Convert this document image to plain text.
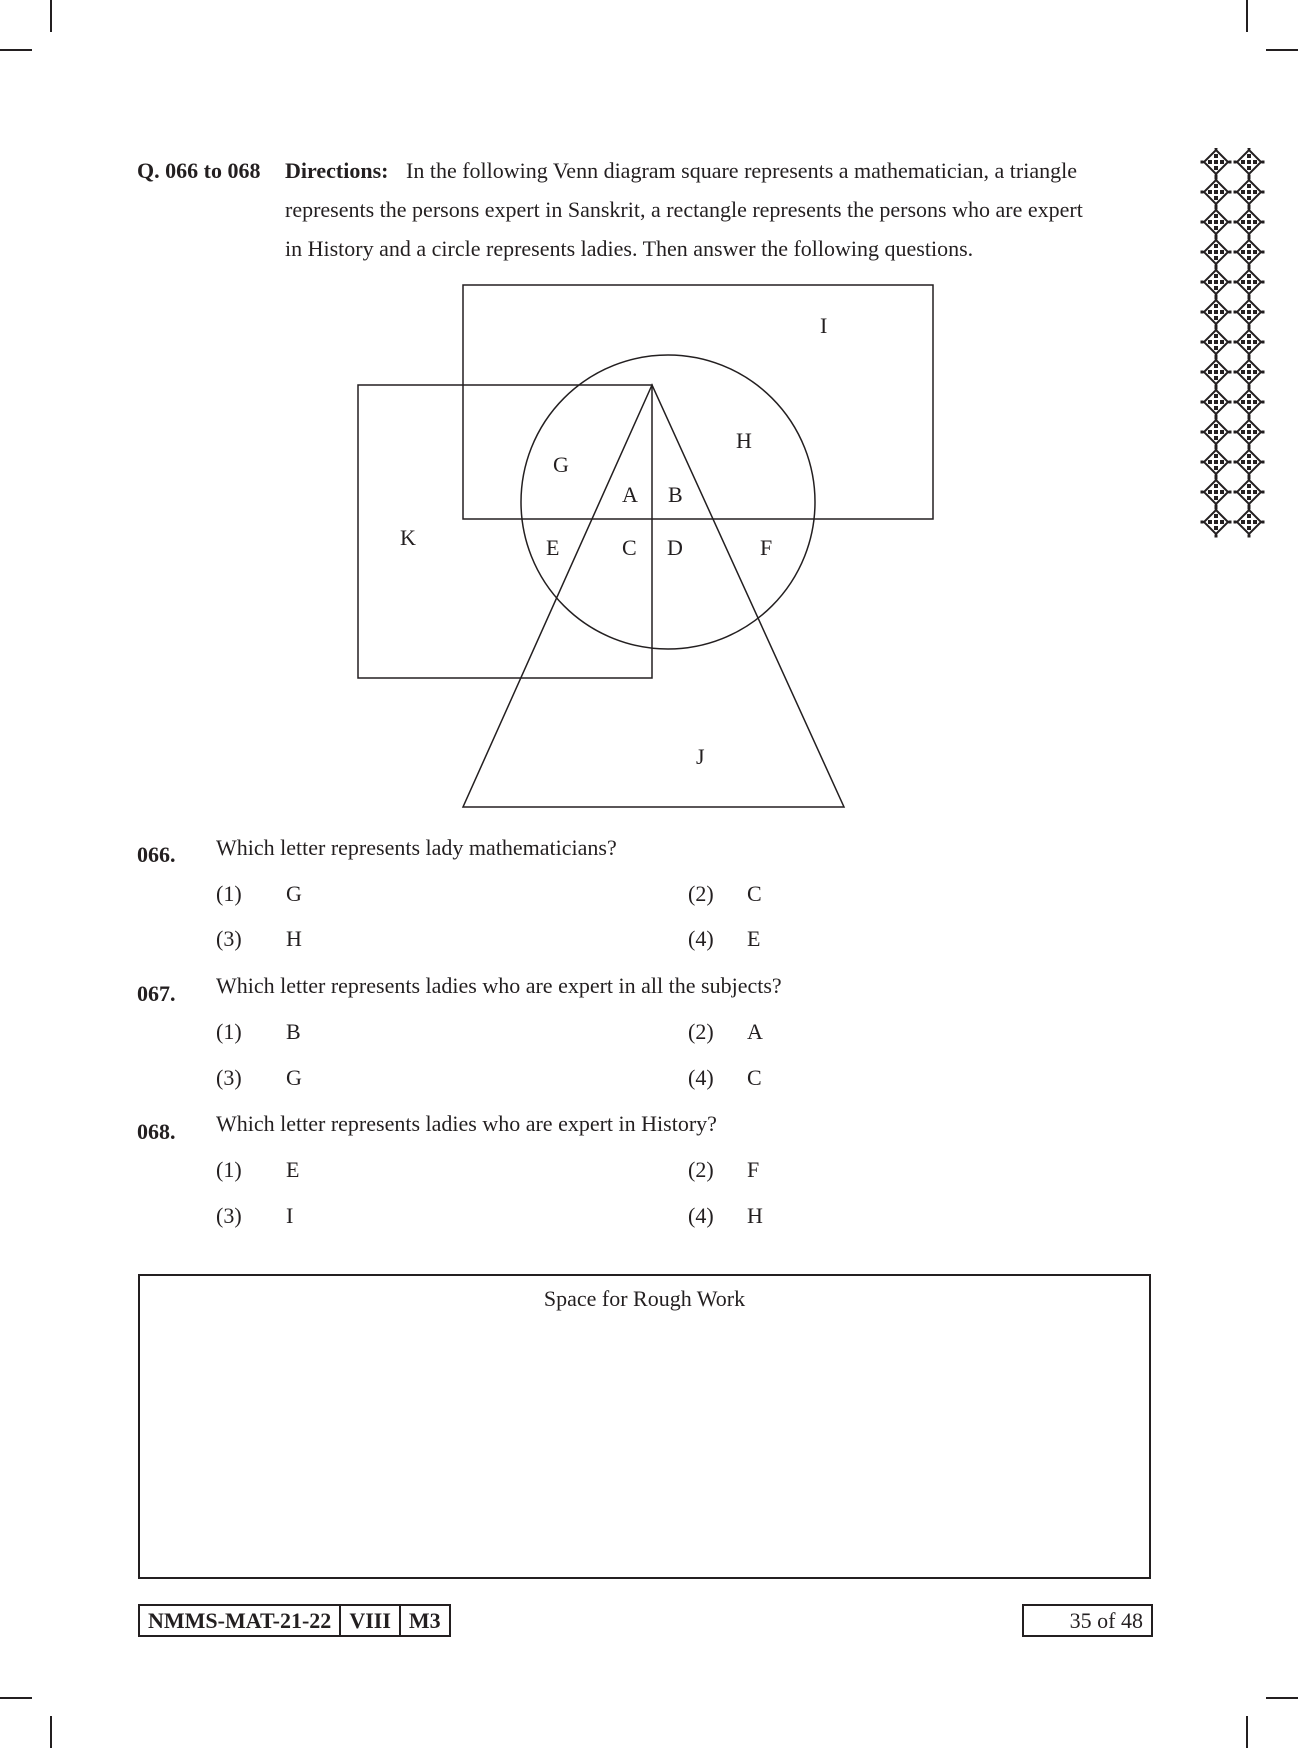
Q. 066 to 068 Directions: In the following Venn diagram square represents a mathematician, a triangle
represents the persons expert in Sanskrit, a rectangle represents the persons who are expert
in History and a circle represents ladies. Then answer the following questions.
I
H
G
A B
K	E	C D	F
J
066. Which letter represents lady mathematicians?
(1) G	(2) C
(3) H	(4) E
067. Which letter represents ladies who are expert in all the subjects?
(1) B	(2) A
(3) G	(4) C
068. Which letter represents ladies who are expert in History?
(1) E	(2) F
(3) I	(4) H
Space for Rough Work
NMMS-MAT-21-22 VIII M3	35 of 48
